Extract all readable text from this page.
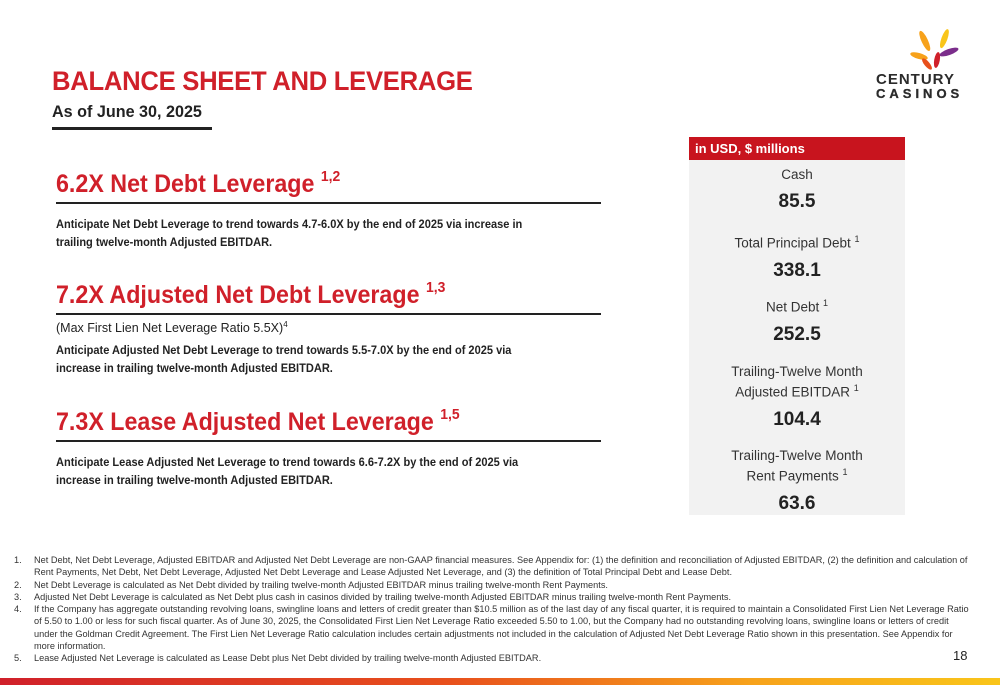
BALANCE SHEET AND LEVERAGE
As of June 30, 2025
CENTURY
CASINOS
6.2X Net Debt Leverage $^{1,2}$
Anticipate Net Debt Leverage to trend towards 4.7-6.0X by the end of 2025 via increase in trailing twelve-month Adjusted EBITDAR.
7.2X Adjusted Net Debt Leverage $^{1,3}$
(Max First Lien Net Leverage Ratio 5.5X)$^4$
Anticipate Adjusted Net Debt Leverage to trend towards 5.5-7.0X by the end of 2025 via increase in trailing twelve-month Adjusted EBITDAR.
7.3X Lease Adjusted Net Leverage $^{1,5}$
Anticipate Lease Adjusted Net Leverage to trend towards 6.6-7.2X by the end of 2025 via increase in trailing twelve-month Adjusted EBITDAR.
in USD, $ millions
Cash
85.5
Total Principal Debt $^1$
338.1
Net Debt $^1$
252.5
Trailing-Twelve Month
Adjusted EBITDAR $^1$
104.4
Trailing-Twelve Month
Rent Payments $^1$
63.6
1.	Net Debt, Net Debt Leverage, Adjusted EBITDAR and Adjusted Net Debt Leverage are non-GAAP financial measures. See Appendix for: (1) the definition and reconciliation of Adjusted EBITDAR, (2) the definition and calculation of Rent Payments, Net Debt, Net Debt Leverage, Adjusted Net Debt Leverage and Lease Adjusted Net Leverage, and (3) the definition of Total Principal Debt and Lease Debt.
2.	Net Debt Leverage is calculated as Net Debt divided by trailing twelve-month Adjusted EBITDAR minus trailing twelve-month Rent Payments.
3.	Adjusted Net Debt Leverage is calculated as Net Debt plus cash in casinos divided by trailing twelve-month Adjusted EBITDAR minus trailing twelve-month Rent Payments.
4.	If the Company has aggregate outstanding revolving loans, swingline loans and letters of credit greater than $10.5 million as of the last day of any fiscal quarter, it is required to maintain a Consolidated First Lien Net Leverage Ratio of 5.50 to 1.00 or less for such fiscal quarter. As of June 30, 2025, the Consolidated First Lien Net Leverage Ratio exceeded 5.50 to 1.00, but the Company had no outstanding revolving loans, swingline loans or letters of credit under the Goldman Credit Agreement. The First Lien Net Leverage Ratio calculation includes certain adjustments not included in the calculation of Adjusted Net Debt Leverage Ratio shown in this presentation. See Appendix for more information.
5.	Lease Adjusted Net Leverage is calculated as Lease Debt plus Net Debt divided by trailing twelve-month Adjusted EBITDAR.	18
